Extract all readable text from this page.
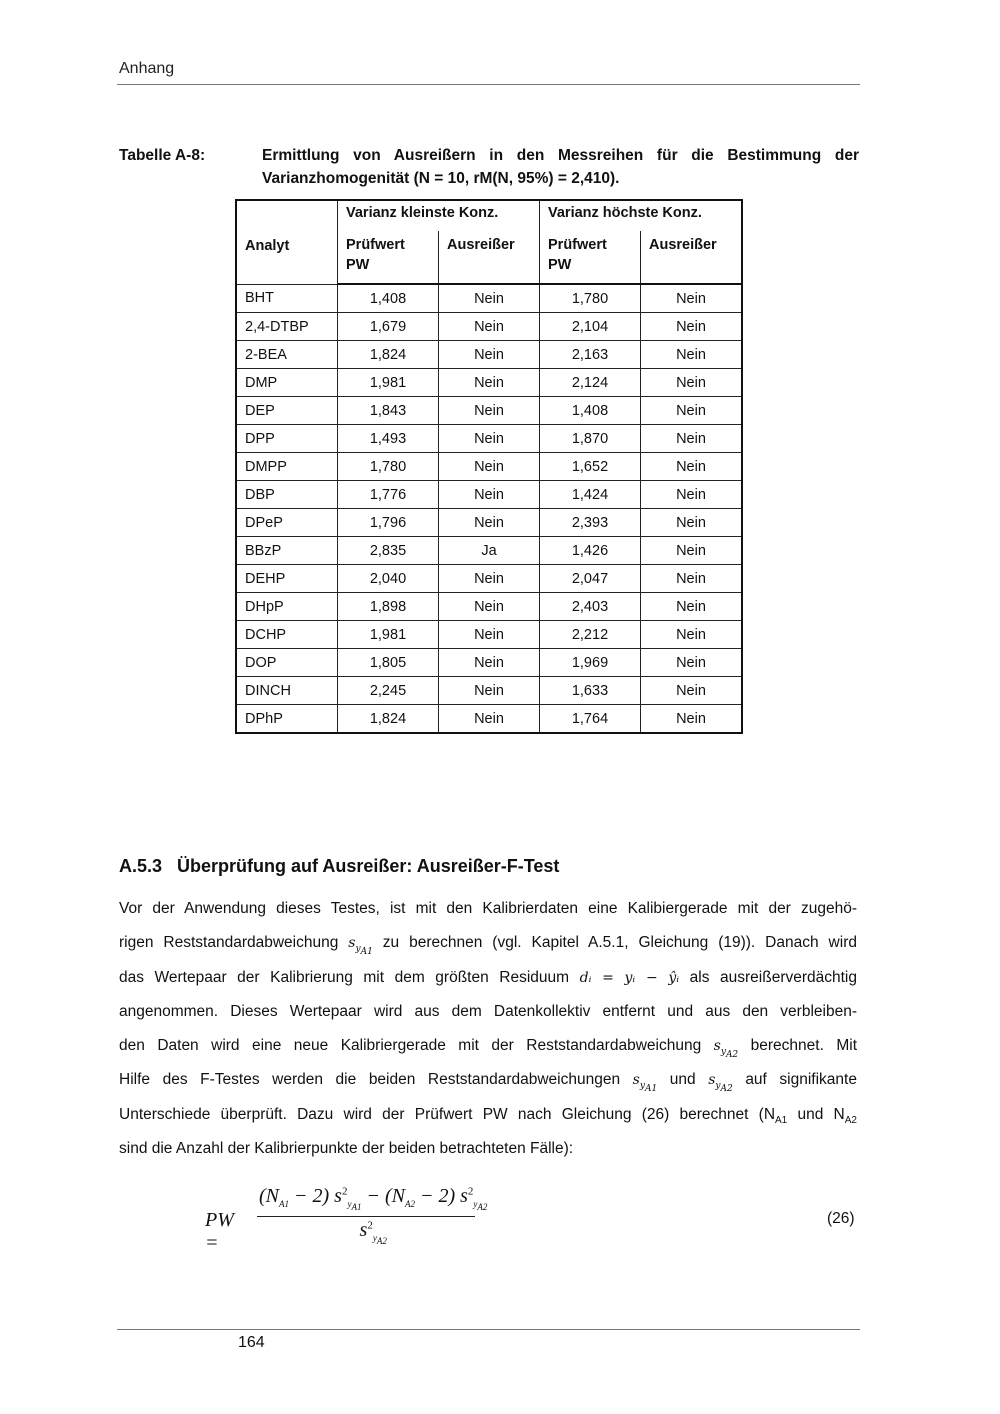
Anhang
Tabelle A-8:	Ermittlung von Ausreißern in den Messreihen für die Bestimmung der Varianzhomogenität (N = 10, rM(N, 95%) = 2,410).
Analyt	Varianz kleinste Konz.		Varianz höchste Konz.	
	Prüfwert PW	Ausreißer	Prüfwert PW	Ausreißer
BHT	1,408	Nein	1,780	Nein
2,4-DTBP	1,679	Nein	2,104	Nein
2-BEA	1,824	Nein	2,163	Nein
DMP	1,981	Nein	2,124	Nein
DEP	1,843	Nein	1,408	Nein
DPP	1,493	Nein	1,870	Nein
DMPP	1,780	Nein	1,652	Nein
DBP	1,776	Nein	1,424	Nein
DPeP	1,796	Nein	2,393	Nein
BBzP	2,835	Ja	1,426	Nein
DEHP	2,040	Nein	2,047	Nein
DHpP	1,898	Nein	2,403	Nein
DCHP	1,981	Nein	2,212	Nein
DOP	1,805	Nein	1,969	Nein
DINCH	2,245	Nein	1,633	Nein
DPhP	1,824	Nein	1,764	Nein
A.5.3 Überprüfung auf Ausreißer: Ausreißer-F-Test
Vor der Anwendung dieses Testes, ist mit den Kalibrierdaten eine Kalibiergerade mit der zugehö-
rigen Reststandardabweichung $s_{y_{A1}}$ zu berechnen (vgl. Kapitel A.5.1, Gleichung (19)). Danach wird
das Wertepaar der Kalibrierung mit dem größten Residuum dᵢ = yᵢ − ŷᵢ als ausreißerverdächtig
angenommen. Dieses Wertepaar wird aus dem Datenkollektiv entfernt und aus den verbleiben-
den Daten wird eine neue Kalibriergerade mit der Reststandardabweichung $s_{y_{A2}}$ berechnet. Mit
Hilfe des F-Testes werden die beiden Reststandardabweichungen $s_{y_{A1}}$ und $s_{y_{A2}}$ auf signifikante
Unterschiede überprüft. Dazu wird der Prüfwert PW nach Gleichung (26) berechnet ($N_{A1}$ und $N_{A2}$
sind die Anzahl der Kalibrierpunkte der beiden betrachteten Fälle):
PW =
$(N_{A1} - 2) s^2_{y_{A1}} - (N_{A2} - 2)$ $s^2_{y_{A2}}$
$s^2_{y_{A2}}$
(26)
164
